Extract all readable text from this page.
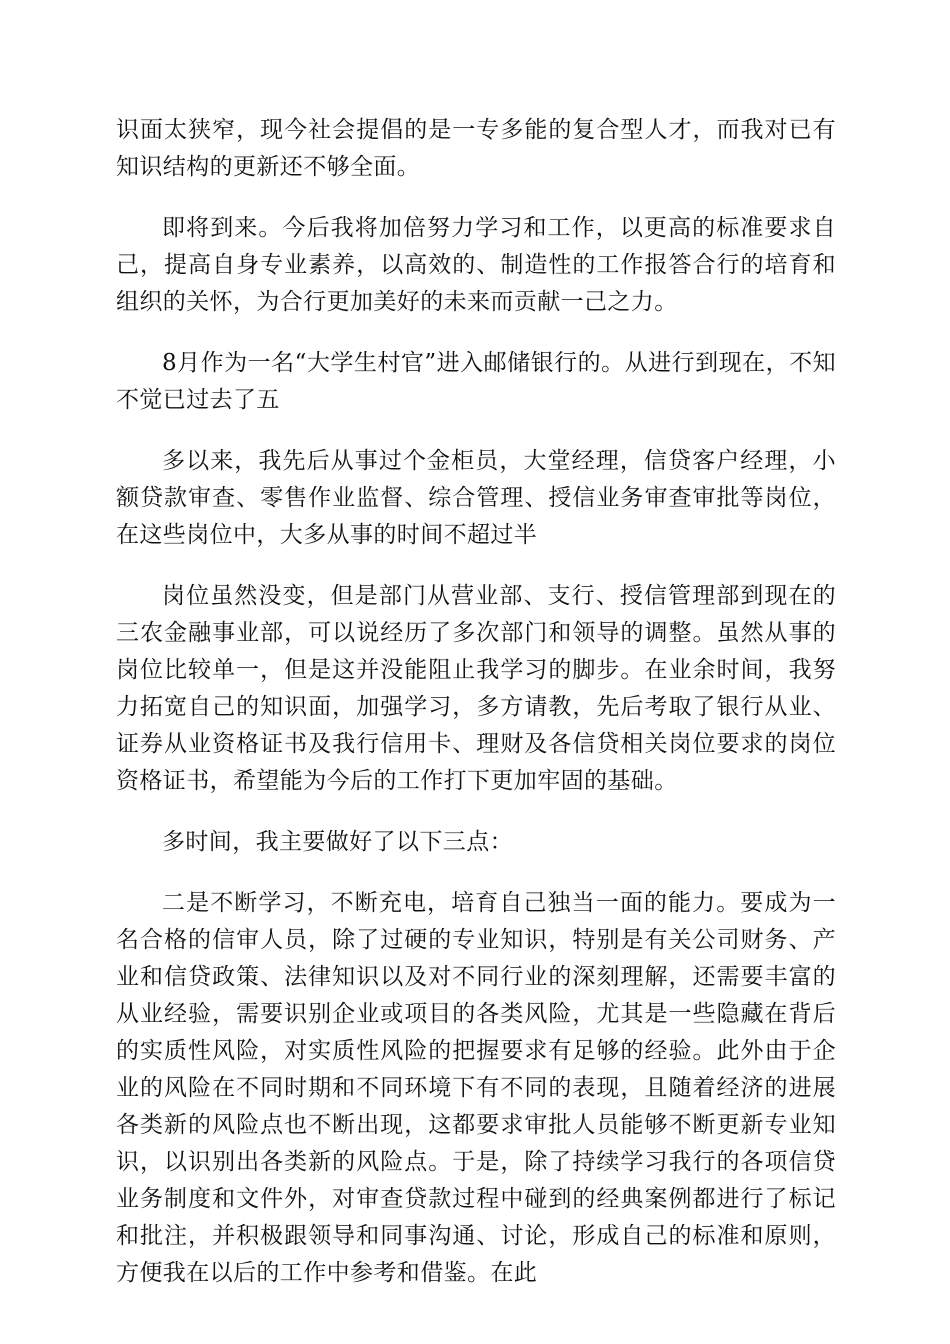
识面太狭窄，现今社会提倡的是一专多能的复合型人才，而我对已有知识结构的更新还不够全面。

即将到来。今后我将加倍努力学习和工作，以更高的标准要求自己，提高自身专业素养，以高效的、制造性的工作报答合行的培育和组织的关怀，为合行更加美好的未来而贡献一己之力。

8月作为一名“大学生村官”进入邮储银行的。从进行到现在，不知不觉已过去了五

多以来，我先后从事过个金柜员，大堂经理，信贷客户经理，小额贷款审查、零售作业监督、综合管理、授信业务审查审批等岗位，在这些岗位中，大多从事的时间不超过半

岗位虽然没变，但是部门从营业部、支行、授信管理部到现在的三农金融事业部，可以说经历了多次部门和领导的调整。虽然从事的岗位比较单一，但是这并没能阻止我学习的脚步。在业余时间，我努力拓宽自己的知识面，加强学习，多方请教，先后考取了银行从业、证券从业资格证书及我行信用卡、理财及各信贷相关岗位要求的岗位资格证书，希望能为今后的工作打下更加牢固的基础。

多时间，我主要做好了以下三点：

二是不断学习，不断充电，培育自己独当一面的能力。要成为一名合格的信审人员，除了过硬的专业知识，特别是有关公司财务、产业和信贷政策、法律知识以及对不同行业的深刻理解，还需要丰富的从业经验，需要识别企业或项目的各类风险，尤其是一些隐藏在背后的实质性风险，对实质性风险的把握要求有足够的经验。此外由于企业的风险在不同时期和不同环境下有不同的表现，且随着经济的进展各类新的风险点也不断出现，这都要求审批人员能够不断更新专业知识，以识别出各类新的风险点。于是，除了持续学习我行的各项信贷业务制度和文件外，对审查贷款过程中碰到的经典案例都进行了标记和批注，并积极跟领导和同事沟通、讨论，形成自己的标准和原则，方便我在以后的工作中参考和借鉴。在此
